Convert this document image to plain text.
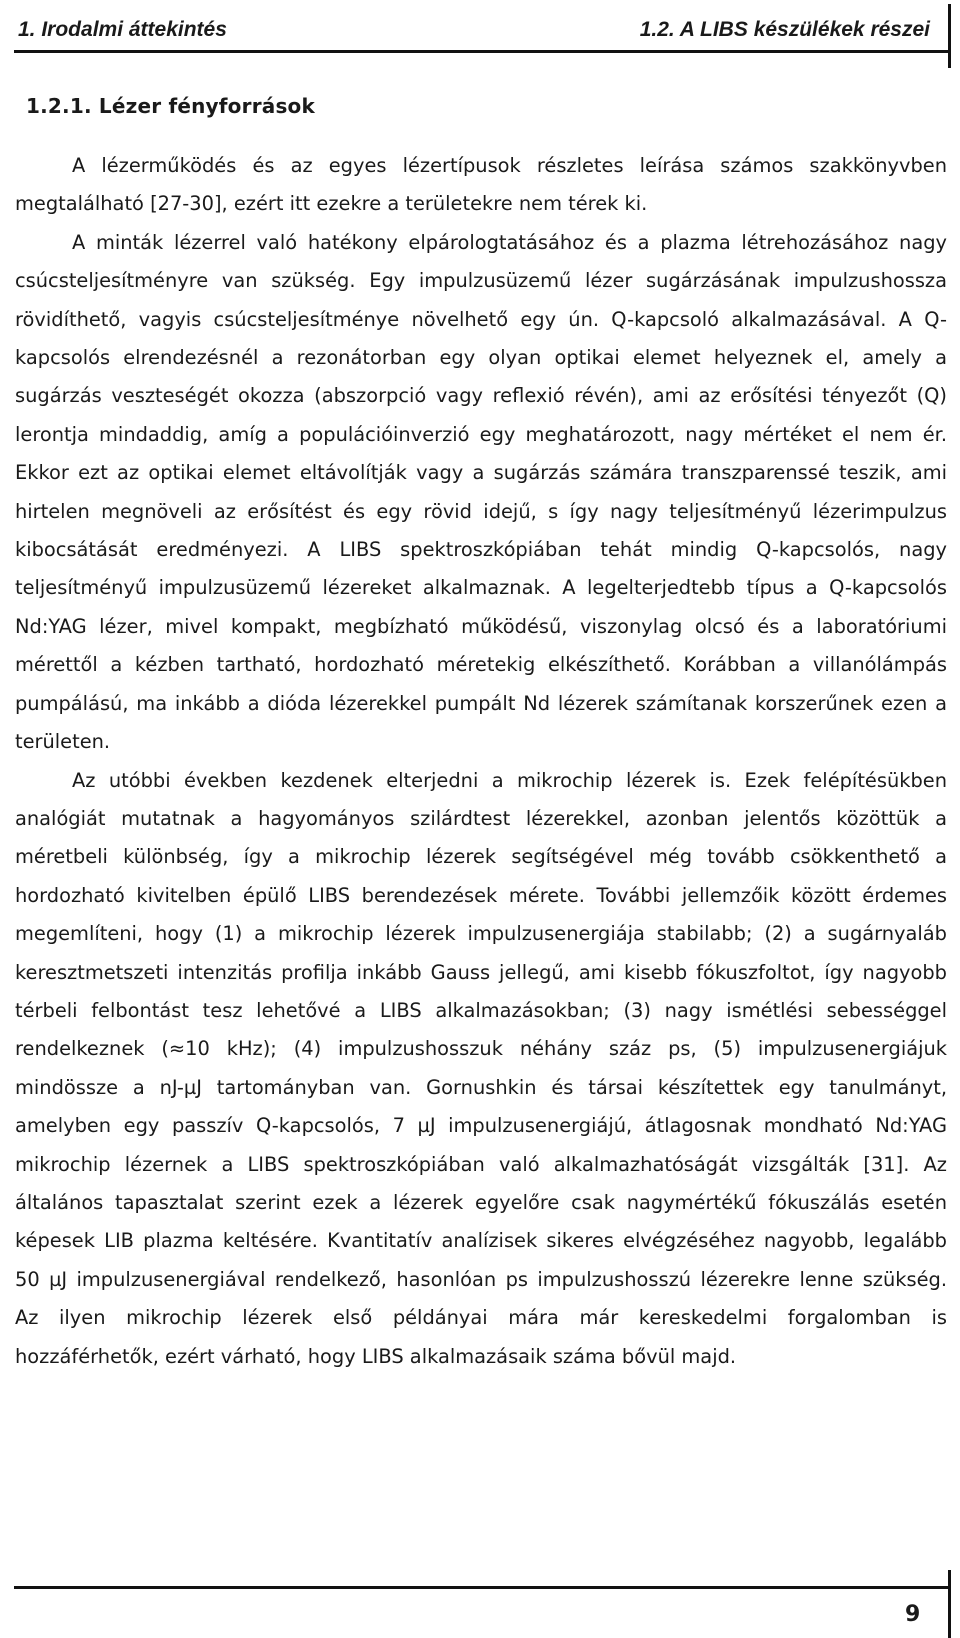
1. Irodalmi áttekintés	1.2. A LIBS készülékek részei
1.2.1. Lézer fényforrások

A lézerműködés és az egyes lézertípusok részletes leírása számos szakkönyvben megtalálható [27-30], ezért itt ezekre a területekre nem térek ki.

A minták lézerrel való hatékony elpárologtatásához és a plazma létrehozásához nagy csúcsteljesítményre van szükség. Egy impulzusüzemű lézer sugárzásának impulzushossza rövidíthető, vagyis csúcsteljesítménye növelhető egy ún. Q-kapcsoló alkalmazásával. A Q-kapcsolós elrendezésnél a rezonátorban egy olyan optikai elemet helyeznek el, amely a sugárzás veszteségét okozza (abszorpció vagy reflexió révén), ami az erősítési tényezőt (Q) lerontja mindaddig, amíg a populációinverzió egy meghatározott, nagy mértéket el nem ér. Ekkor ezt az optikai elemet eltávolítják vagy a sugárzás számára transzparenssé teszik, ami hirtelen megnöveli az erősítést és egy rövid idejű, s így nagy teljesítményű lézerimpulzus kibocsátását eredményezi. A LIBS spektroszkópiában tehát mindig Q-kapcsolós, nagy teljesítményű impulzusüzemű lézereket alkalmaznak. A legelterjedtebb típus a Q-kapcsolós Nd:YAG lézer, mivel kompakt, megbízható működésű, viszonylag olcsó és a laboratóriumi mérettől a kézben tartható, hordozható méretekig elkészíthető. Korábban a villanólámpás pumpálású, ma inkább a dióda lézerekkel pumpált Nd lézerek számítanak korszerűnek ezen a területen.

Az utóbbi években kezdenek elterjedni a mikrochip lézerek is. Ezek felépítésükben analógiát mutatnak a hagyományos szilárdtest lézerekkel, azonban jelentős közöttük a méretbeli különbség, így a mikrochip lézerek segítségével még tovább csökkenthető a hordozható kivitelben épülő LIBS berendezések mérete. További jellemzőik között érdemes megemlíteni, hogy (1) a mikrochip lézerek impulzusenergiája stabilabb; (2) a sugárnyaláb keresztmetszeti intenzitás profilja inkább Gauss jellegű, ami kisebb fókuszfoltot, így nagyobb térbeli felbontást tesz lehetővé a LIBS alkalmazásokban; (3) nagy ismétlési sebességgel rendelkeznek (≈10 kHz); (4) impulzushosszuk néhány száz ps, (5) impulzusenergiájuk mindössze a nJ-µJ tartományban van. Gornushkin és társai készítettek egy tanulmányt, amelyben egy passzív Q-kapcsolós, 7 µJ impulzusenergiájú, átlagosnak mondható Nd:YAG mikrochip lézernek a LIBS spektroszkópiában való alkalmazhatóságát vizsgálták [31]. Az általános tapasztalat szerint ezek a lézerek egyelőre csak nagymértékű fókuszálás esetén képesek LIB plazma keltésére. Kvantitatív analízisek sikeres elvégzéséhez nagyobb, legalább 50 µJ impulzusenergiával rendelkező, hasonlóan ps impulzushosszú lézerekre lenne szükség. Az ilyen mikrochip lézerek első példányai mára már kereskedelmi forgalomban is hozzáférhetők, ezért várható, hogy LIBS alkalmazásaik száma bővül majd.

9
